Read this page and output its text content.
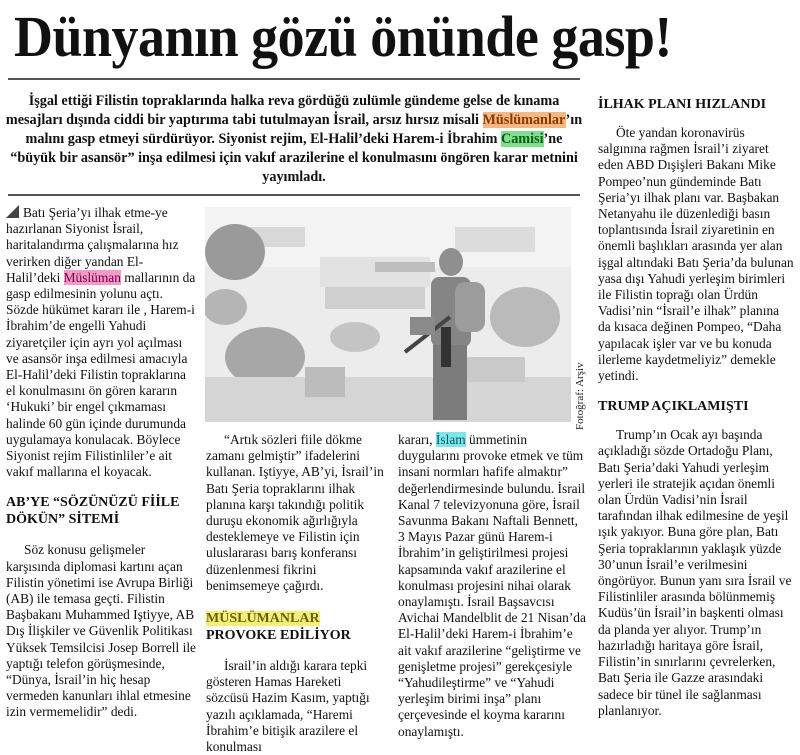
Dünyanın gözü önünde gasp!
İşgal ettiği Filistin topraklarında halka reva gördüğü zulümle gündeme gelse de kınama mesajları dışında ciddi bir yaptırıma tabi tutulmayan İsrail, arsız hırsız misali Müslümanlar’ın malını gasp etmeyi sürdürüyor. Siyonist rejim, El-Halil’deki Harem-i İbrahim Camisi’ne “büyük bir asansör” inşa edilmesi için vakıf arazilerine el konulmasını öngören karar metnini yayımladı.

Batı Şeria’yı ilhak etme-ye hazırlanan Siyonist İsrail, haritalandırma çalışmalarına hız verirken diğer yandan El-Halil’deki Müslüman mallarının da gasp edilmesinin yolunu açtı. Sözde hükümet kararı ile , Harem-i İbrahim’de engelli Yahudi ziyaretçiler için ayrı yol açılması ve asansör inşa edilmesi amacıyla El-Halil’deki Filistin topraklarına el konulmasını ön gören kararın ‘Hukuki’ bir engel çıkmaması halinde 60 gün içinde durumunda uygulamaya konulacak. Böylece Siyonist rejim Filistinliler’e ait vakıf mallarına el koyacak.

AB’YE “SÖZÜNÜZÜ FİİLE DÖKÜN” SİTEMİ

Söz konusu gelişmeler karşısında diplomasi kartını açan Filistin yönetimi ise Avrupa Birliği (AB) ile temasa geçti. Filistin Başbakanı Muhammed Iştiyye, AB Dış İlişkiler ve Güvenlik Politikası Yüksek Temsilcisi Josep Borrell ile yaptığı telefon görüşmesinde, “Dünya, İsrail’in hiç hesap vermeden kanunları ihlal etmesine izin vermemelidir” dedi.

Fotoğraf: Arşiv

“Artık sözleri fiile dökme zamanı gelmiştir” ifadelerini kullanan. Iştiyye, AB’yi, İsrail’in Batı Şeria topraklarını ilhak planına karşı takındığı politik duruşu ekonomik ağırlığıyla desteklemeye ve Filistin için uluslararası barış konferansı düzenlenmesi fikrini benimsemeye çağırdı.

MÜSLÜMANLAR
PROVOKE EDİLİYOR

İsrail’in aldığı karara tepki gösteren Hamas Hareketi sözcüsü Hazim Kasım, yaptığı yazılı açıklamada, “Haremi İbrahim’e bitişik arazilere el konulması

kararı, İslam ümmetinin duygularını provoke etmek ve tüm insani normları hafife almaktır” değerlendirmesinde bulundu. İsrail Kanal 7 televizyonuna göre, İsrail Savunma Bakanı Naftali Bennett, 3 Mayıs Pazar günü Harem-i İbrahim’in geliştirilmesi projesi kapsamında vakıf arazilerine el konulması projesini nihai olarak onaylamıştı. İsrail Başsavcısı Avichai Mandelblit de 21 Nisan’da El-Halil’deki Harem-i İbrahim’e ait vakıf arazilerine “geliştirme ve genişletme projesi” gerekçesiyle “Yahudileştirme” ve “Yahudi yerleşim birimi inşa” planı çerçevesinde el koyma kararını onaylamıştı.

İLHAK PLANI HIZLANDI

Öte yandan koronavirüs salgınına rağmen İsrail’i ziyaret eden ABD Dışişleri Bakanı Mike Pompeo’nun gündeminde Batı Şeria’yı ilhak planı var. Başbakan Netanyahu ile düzenlediği basın toplantısında İsrail ziyaretinin en önemli başlıkları arasında yer alan işgal altındaki Batı Şeria’da bulunan yasa dışı Yahudi yerleşim birimleri ile Filistin toprağı olan Ürdün Vadisi’nin “İsrail’e ilhak” planına da kısaca değinen Pompeo, “Daha yapılacak işler var ve bu konuda ilerleme kaydetmeliyiz” demekle yetindi.

TRUMP AÇIKLAMIŞTI

Trump’ın Ocak ayı başında açıkladığı sözde Ortadoğu Planı, Batı Şeria’daki Yahudi yerleşim yerleri ile stratejik açıdan önemli olan Ürdün Vadisi’nin İsrail tarafından ilhak edilmesine de yeşil ışık yakıyor. Buna göre plan, Batı Şeria topraklarının yaklaşık yüzde 30’unun İsrail’e verilmesini öngörüyor. Bunun yanı sıra İsrail ve Filistinliler arasında bölünmemiş Kudüs’ün İsrail’in başkenti olması da planda yer alıyor. Trump’ın hazırladığı haritaya göre İsrail, Filistin’in sınırlarını çevrelerken, Batı Şeria ile Gazze arasındaki sadece bir tünel ile sağlanması planlanıyor.
